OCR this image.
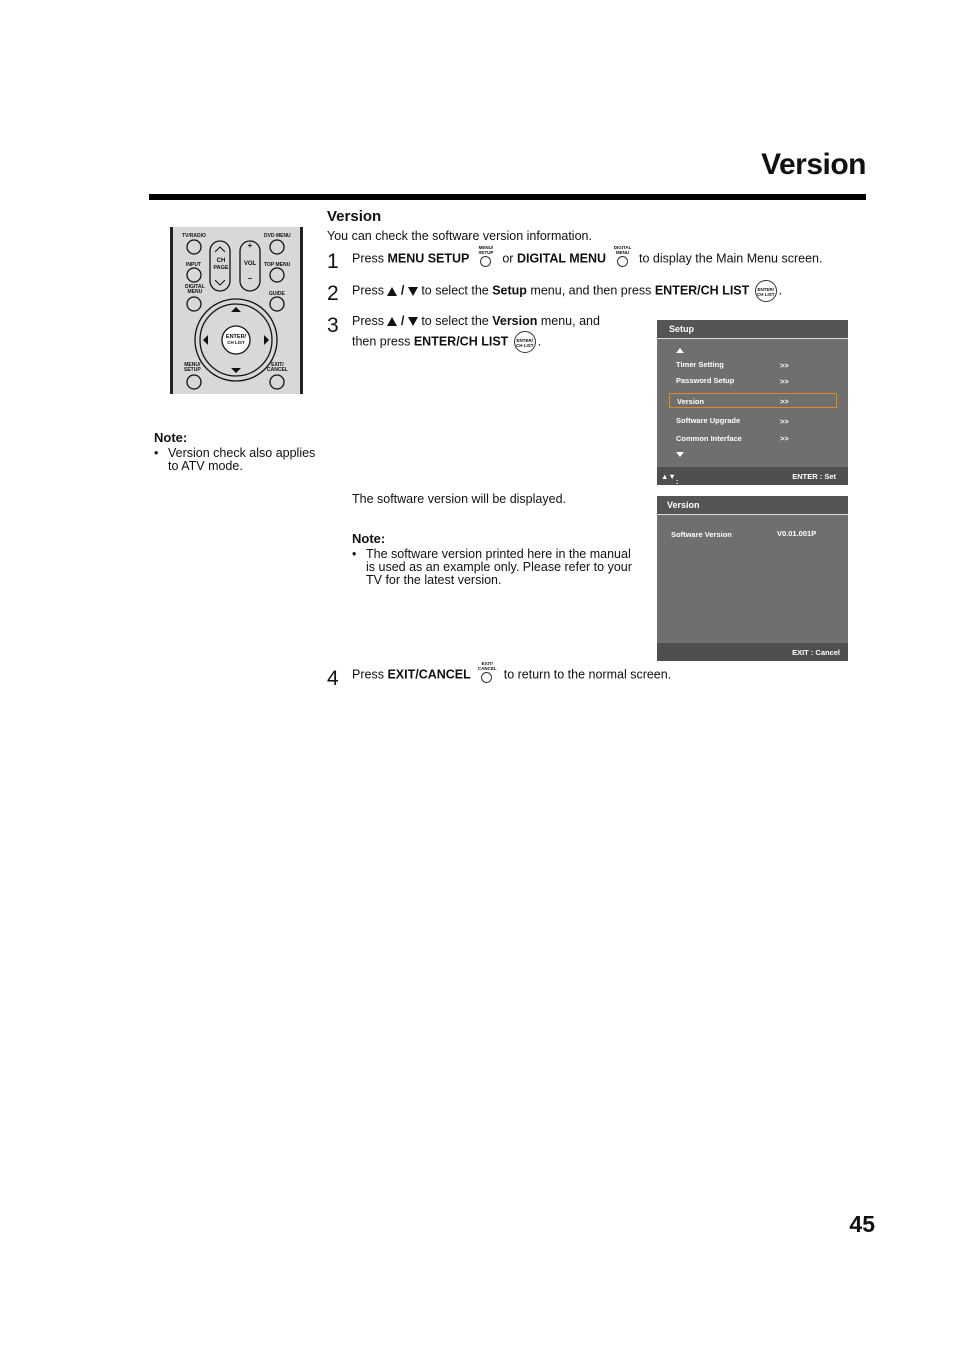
Version
TV/RADIO	DVD MENU
INPUT	TOP MENU
DIGITAL
MENU	GUIDE
CH
PAGE
+
VOL
–
ENTER/
CH LIST
MENU/
SETUP
EXIT/
CANCEL
Note:
• Version check also applies
to ATV mode.
Version
You can check the software version information.
1 Press MENU SETUP
MENU/
SETUP or DIGITAL MENU
DIGITAL
MENU to display the Main Menu screen.
2 Press  /  to select the Setup menu, and then press ENTER/CH LIST ENTER/
CH LIST .
3 Press  /  to select the Version menu, and
then press ENTER/CH LIST ENTER/
CH LIST .
Setup
Timer Setting	>>
Password Setup	>>
Version	>>
Software Upgrade	>>
Common Interface	>>
▲▼
: Select
ENTER : Set
The software version will be displayed.
Note:
• The software version printed here in the manual
is used as an example only. Please refer to your
TV for the latest version.
Version
Software Version	V0.01.001P
EXIT : Cancel
4 Press EXIT/CANCEL
EXIT/
CANCEL to return to the normal screen.
45
